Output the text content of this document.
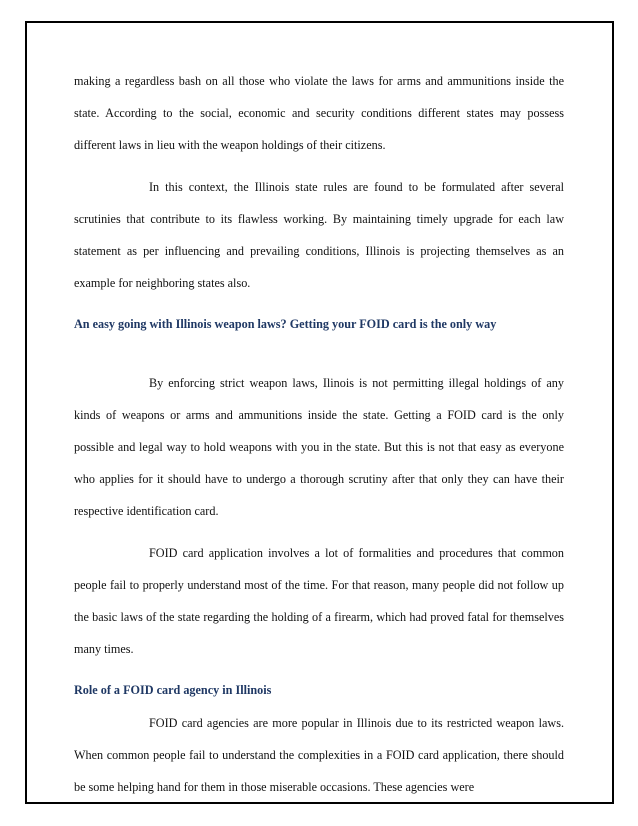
making a regardless bash on all those who violate the laws for arms and ammunitions inside the state. According to the social, economic and security conditions different states may possess different laws in lieu with the weapon holdings of their citizens.

In this context, the Illinois state rules are found to be formulated after several scrutinies that contribute to its flawless working. By maintaining timely upgrade for each law statement as per influencing and prevailing conditions, Illinois is projecting themselves as an example for neighboring states also.

An easy going with Illinois weapon laws? Getting your FOID card is the only way

By enforcing strict weapon laws, Ilinois is not permitting illegal holdings of any kinds of weapons or arms and ammunitions inside the state. Getting a FOID card is the only possible and legal way to hold weapons with you in the state. But this is not that easy as everyone who applies for it should have to undergo a thorough scrutiny after that only they can have their respective identification card.

FOID card application involves a lot of formalities and procedures that common people fail to properly understand most of the time. For that reason, many people did not follow up the basic laws of the state regarding the holding of a firearm, which had proved fatal for themselves many times.

Role of a FOID card agency in Illinois

FOID card agencies are more popular in Illinois due to its restricted weapon laws. When common people fail to understand the complexities in a FOID card application, there should be some helping hand for them in those miserable occasions. These agencies were
